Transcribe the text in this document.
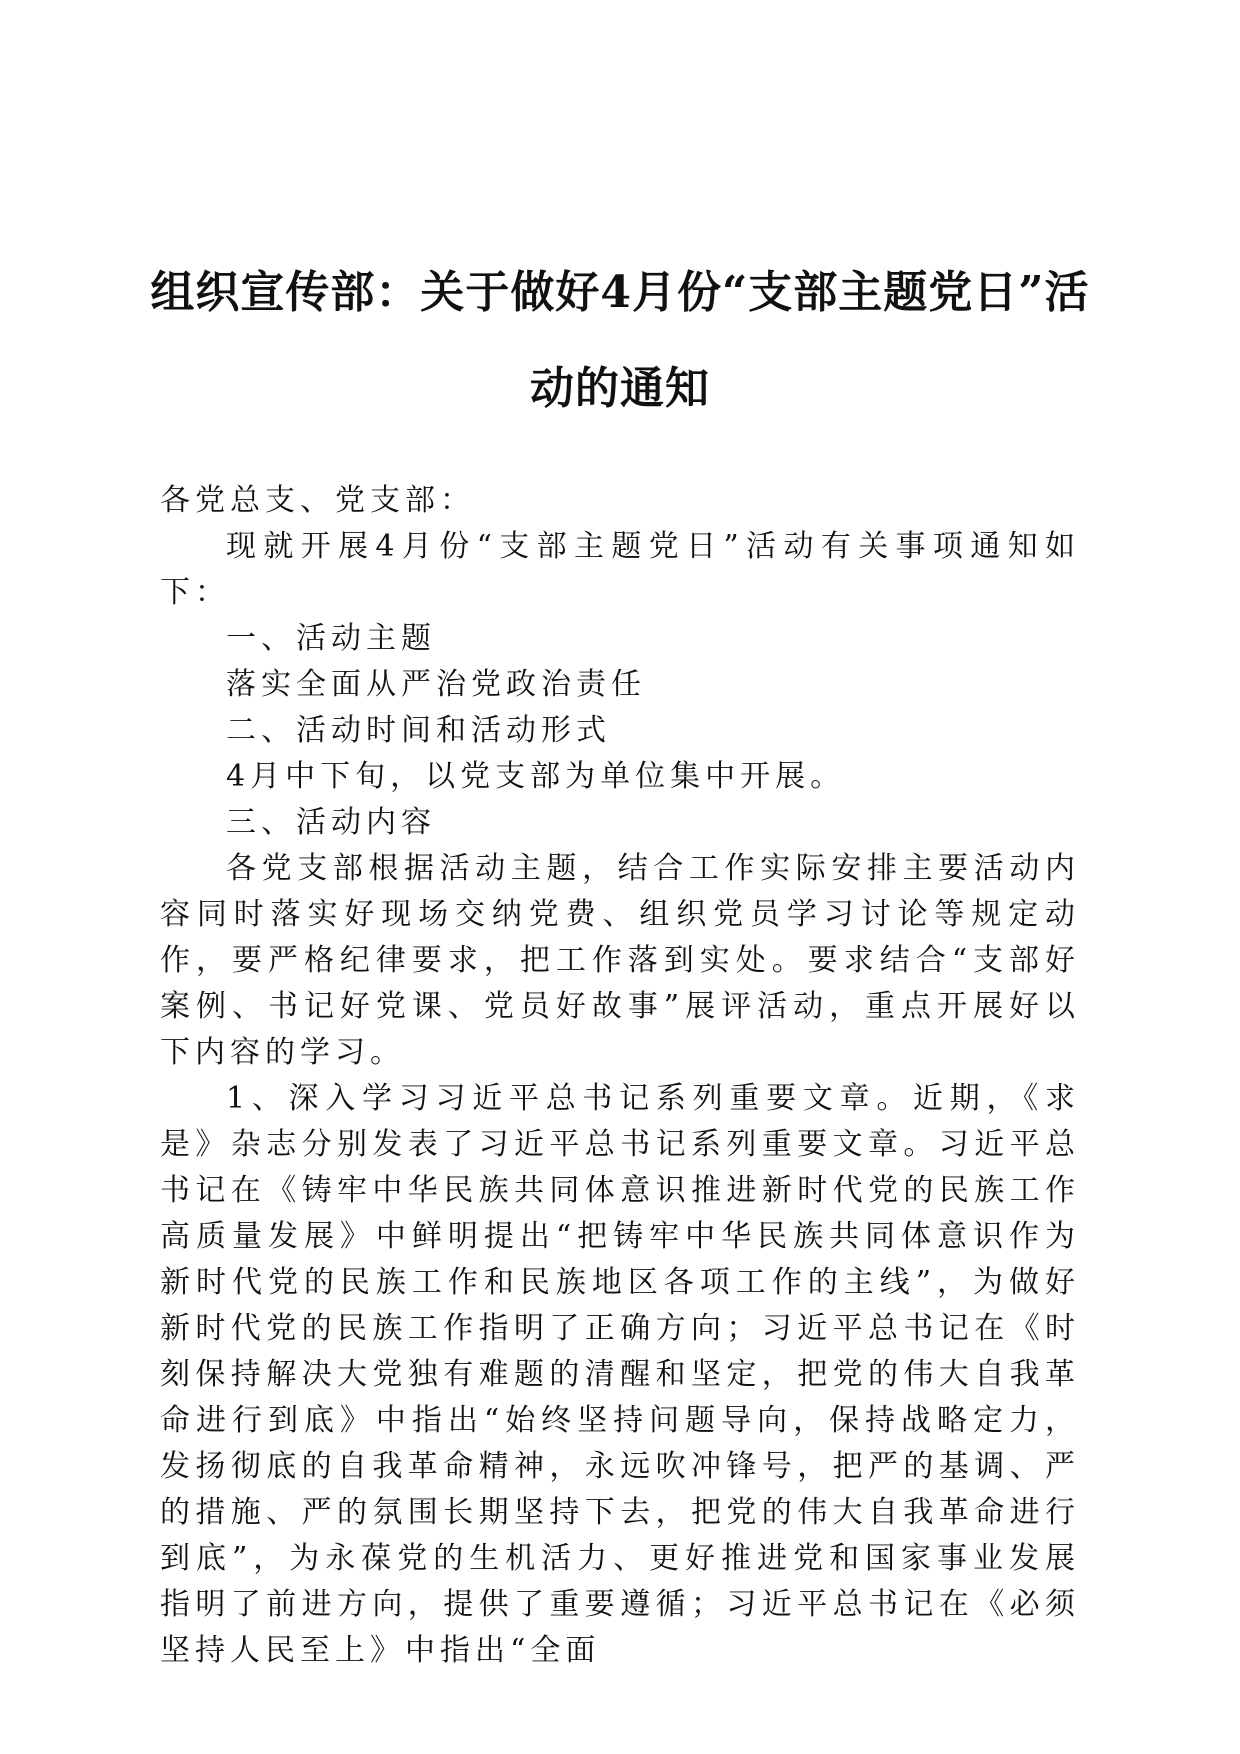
组织宣传部：关于做好4月份“支部主题党日”活动的通知

各党总支、党支部：

现就开展4月份“支部主题党日”活动有关事项通知如下：

一、活动主题

落实全面从严治党政治责任

二、活动时间和活动形式

4月中下旬，以党支部为单位集中开展。

三、活动内容

各党支部根据活动主题，结合工作实际安排主要活动内容同时落实好现场交纳党费、组织党员学习讨论等规定动作，要严格纪律要求，把工作落到实处。要求结合“支部好案例、书记好党课、党员好故事”展评活动，重点开展好以下内容的学习。

1、深入学习习近平总书记系列重要文章。近期，《求是》杂志分别发表了习近平总书记系列重要文章。习近平总书记在《铸牢中华民族共同体意识推进新时代党的民族工作高质量发展》中鲜明提出“把铸牢中华民族共同体意识作为新时代党的民族工作和民族地区各项工作的主线”，为做好新时代党的民族工作指明了正确方向；习近平总书记在《时刻保持解决大党独有难题的清醒和坚定，把党的伟大自我革命进行到底》中指出“始终坚持问题导向，保持战略定力，发扬彻底的自我革命精神，永远吹冲锋号，把严的基调、严的措施、严的氛围长期坚持下去，把党的伟大自我革命进行到底”，为永葆党的生机活力、更好推进党和国家事业发展指明了前进方向，提供了重要遵循；习近平总书记在《必须坚持人民至上》中指出“全面
